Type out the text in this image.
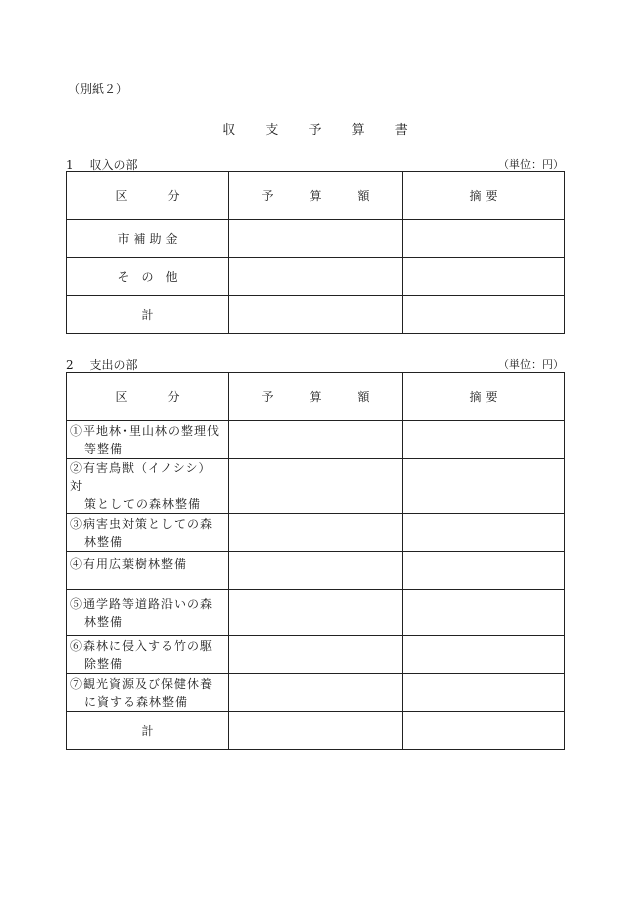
（別紙２）
収 支 予 算 書
1　 収入の部	（単位：円）
区　分	予　算　額	摘要
市補助金		
そ　の　他		
計		
2　 支出の部	（単位：円）
区　分	予　算　額	摘要
①平地林･里山林の整理伐
等整備		

②有害鳥獣（イノシシ）対
策としての森林整備		

③病害虫対策としての森
林整備		

④有用広葉樹林整備		
⑤通学路等道路沿いの森
林整備		

⑥森林に侵入する竹の駆
除整備		

⑦観光資源及び保健休養
に資する森林整備		

計		
